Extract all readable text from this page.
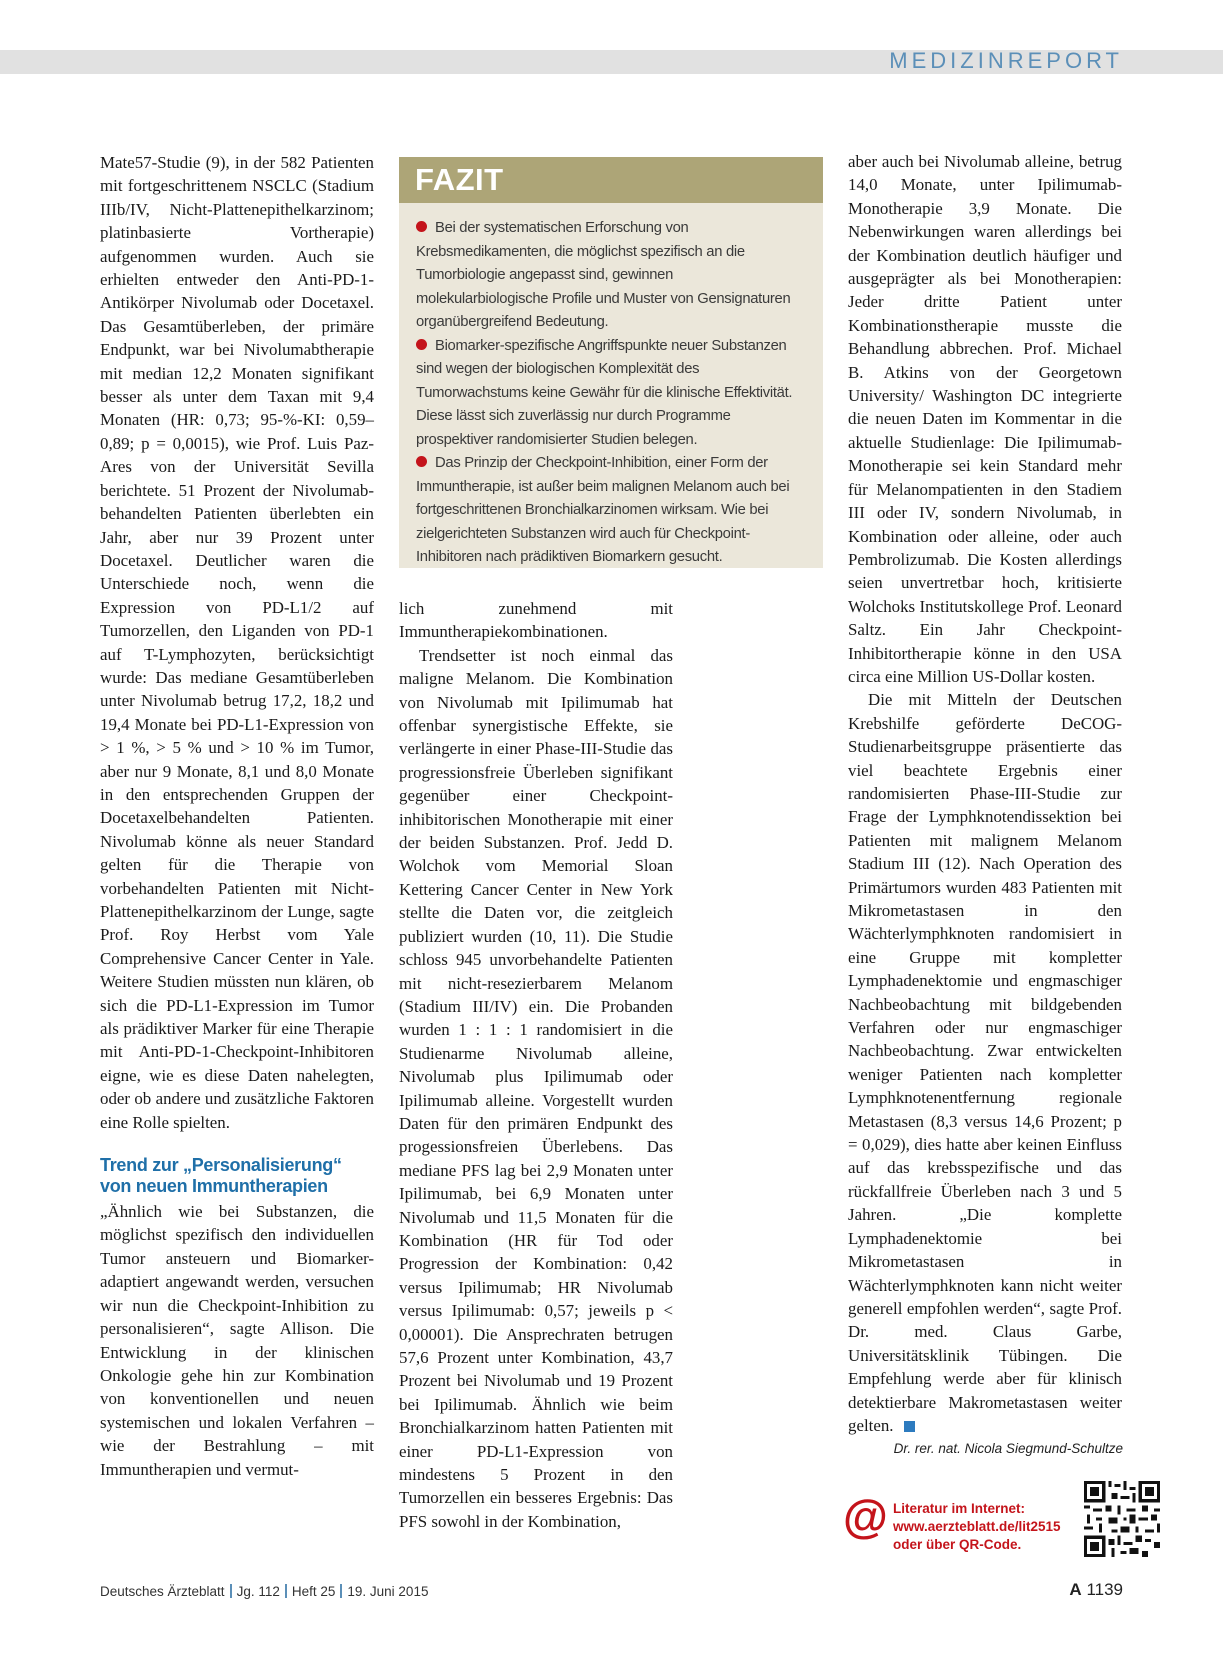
MEDIZINREPORT

Mate57-Studie (9), in der 582 Patienten mit fortgeschrittenem NSCLC (Stadium IIIb/IV, Nicht-Plattenepithelkarzinom; platinbasierte Vortherapie) aufgenommen wurden. Auch sie erhielten entweder den Anti-PD-1-Antikörper Nivolumab oder Docetaxel. Das Gesamtüberleben, der primäre Endpunkt, war bei Nivolumabtherapie mit median 12,2 Monaten signifikant besser als unter dem Taxan mit 9,4 Monaten (HR: 0,73; 95-%-KI: 0,59–0,89; p = 0,0015), wie Prof. Luis Paz-Ares von der Universität Sevilla berichtete. 51 Prozent der Nivolumab-behandelten Patienten überlebten ein Jahr, aber nur 39 Prozent unter Docetaxel. Deutlicher waren die Unterschiede noch, wenn die Expression von PD-L1/2 auf Tumorzellen, den Liganden von PD-1 auf T-Lymphozyten, berücksichtigt wurde: Das mediane Gesamtüberleben unter Nivolumab betrug 17,2, 18,2 und 19,4 Monate bei PD-L1-Expression von > 1 %, > 5 % und > 10 % im Tumor, aber nur 9 Monate, 8,1 und 8,0 Monate in den entsprechenden Gruppen der Docetaxelbehandelten Patienten. Nivolumab könne als neuer Standard gelten für die Therapie von vorbehandelten Patienten mit Nicht-Plattenepithelkarzinom der Lunge, sagte Prof. Roy Herbst vom Yale Comprehensive Cancer Center in Yale. Weitere Studien müssten nun klären, ob sich die PD-L1-Expression im Tumor als prädiktiver Marker für eine Therapie mit Anti-PD-1-Checkpoint-Inhibitoren eigne, wie es diese Daten nahelegten, oder ob andere und zusätzliche Faktoren eine Rolle spielten.

Trend zur „Personalisierung“
von neuen Immuntherapien

„Ähnlich wie bei Substanzen, die möglichst spezifisch den individuellen Tumor ansteuern und Biomarker-adaptiert angewandt werden, versuchen wir nun die Checkpoint-Inhibition zu personalisieren“, sagte Allison. Die Entwicklung in der klinischen Onkologie gehe hin zur Kombination von konventionellen und neuen systemischen und lokalen Verfahren – wie der Bestrahlung – mit Immuntherapien und vermut-

FAZIT
Bei der systematischen Erforschung von Krebsmedikamenten, die möglichst spezifisch an die Tumorbiologie angepasst sind, gewinnen molekularbiologische Profile und Muster von Gensignaturen organübergreifend Bedeutung.
Biomarker-spezifische Angriffspunkte neuer Substanzen sind wegen der biologischen Komplexität des Tumorwachstums keine Gewähr für die klinische Effektivität. Diese lässt sich zuverlässig nur durch Programme prospektiver randomisierter Studien belegen.
Das Prinzip der Checkpoint-Inhibition, einer Form der Immuntherapie, ist außer beim malignen Melanom auch bei fortgeschrittenen Bronchialkarzinomen wirksam. Wie bei zielgerichteten Substanzen wird auch für Checkpoint-Inhibitoren nach prädiktiven Biomarkern gesucht.

lich zunehmend mit Immuntherapiekombinationen.

Trendsetter ist noch einmal das maligne Melanom. Die Kombination von Nivolumab mit Ipilimumab hat offenbar synergistische Effekte, sie verlängerte in einer Phase-III-Studie das progressionsfreie Überleben signifikant gegenüber einer Checkpoint-inhibitorischen Monotherapie mit einer der beiden Substanzen. Prof. Jedd D. Wolchok vom Memorial Sloan Kettering Cancer Center in New York stellte die Daten vor, die zeitgleich publiziert wurden (10, 11). Die Studie schloss 945 unvorbehandelte Patienten mit nicht-resezierbarem Melanom (Stadium III/IV) ein. Die Probanden wurden 1 : 1 : 1 randomisiert in die Studienarme Nivolumab alleine, Nivolumab plus Ipilimumab oder Ipilimumab alleine. Vorgestellt wurden Daten für den primären Endpunkt des progessionsfreien Überlebens. Das mediane PFS lag bei 2,9 Monaten unter Ipilimumab, bei 6,9 Monaten unter Nivolumab und 11,5 Monaten für die Kombination (HR für Tod oder Progression der Kombination: 0,42 versus Ipilimumab; HR Nivolumab versus Ipilimumab: 0,57; jeweils p < 0,00001). Die Ansprechraten betrugen 57,6 Prozent unter Kombination, 43,7 Prozent bei Nivolumab und 19 Prozent bei Ipilimumab. Ähnlich wie beim Bronchialkarzinom hatten Patienten mit einer PD-L1-Expression von mindestens 5 Prozent in den Tumorzellen ein besseres Ergebnis: Das PFS sowohl in der Kombination,

aber auch bei Nivolumab alleine, betrug 14,0 Monate, unter Ipilimumab-Monotherapie 3,9 Monate. Die Nebenwirkungen waren allerdings bei der Kombination deutlich häufiger und ausgeprägter als bei Monotherapien: Jeder dritte Patient unter Kombinationstherapie musste die Behandlung abbrechen. Prof. Michael B. Atkins von der Georgetown University/ Washington DC integrierte die neuen Daten im Kommentar in die aktuelle Studienlage: Die Ipilimumab-Monotherapie sei kein Standard mehr für Melanompatienten in den Stadiem III oder IV, sondern Nivolumab, in Kombination oder alleine, oder auch Pembrolizumab. Die Kosten allerdings seien unvertretbar hoch, kritisierte Wolchoks Institutskollege Prof. Leonard Saltz. Ein Jahr Checkpoint-Inhibitortherapie könne in den USA circa eine Million US-Dollar kosten.

Die mit Mitteln der Deutschen Krebshilfe geförderte DeCOG-Studienarbeitsgruppe präsentierte das viel beachtete Ergebnis einer randomisierten Phase-III-Studie zur Frage der Lymphknotendissektion bei Patienten mit malignem Melanom Stadium III (12). Nach Operation des Primärtumors wurden 483 Patienten mit Mikrometastasen in den Wächterlymphknoten randomisiert in eine Gruppe mit kompletter Lymphadenektomie und engmaschiger Nachbeobachtung mit bildgebenden Verfahren oder nur engmaschiger Nachbeobachtung. Zwar entwickelten weniger Patienten nach kompletter Lymphknotenentfernung regionale Metastasen (8,3 versus 14,6 Prozent; p = 0,029), dies hatte aber keinen Einfluss auf das krebsspezifische und das rückfallfreie Überleben nach 3 und 5 Jahren. „Die komplette Lymphadenektomie bei Mikrometastasen in Wächterlymphknoten kann nicht weiter generell empfohlen werden“, sagte Prof. Dr. med. Claus Garbe, Universitätsklinik Tübingen. Die Empfehlung werde aber für klinisch detektierbare Makrometastasen weiter gelten.

Dr. rer. nat. Nicola Siegmund-Schultze
@ Literatur im Internet:
www.aerzteblatt.de/lit2515
oder über QR-Code.
Deutsches Ärzteblatt Jg. 112 Heft 25 19. Juni 2015	A 1139
